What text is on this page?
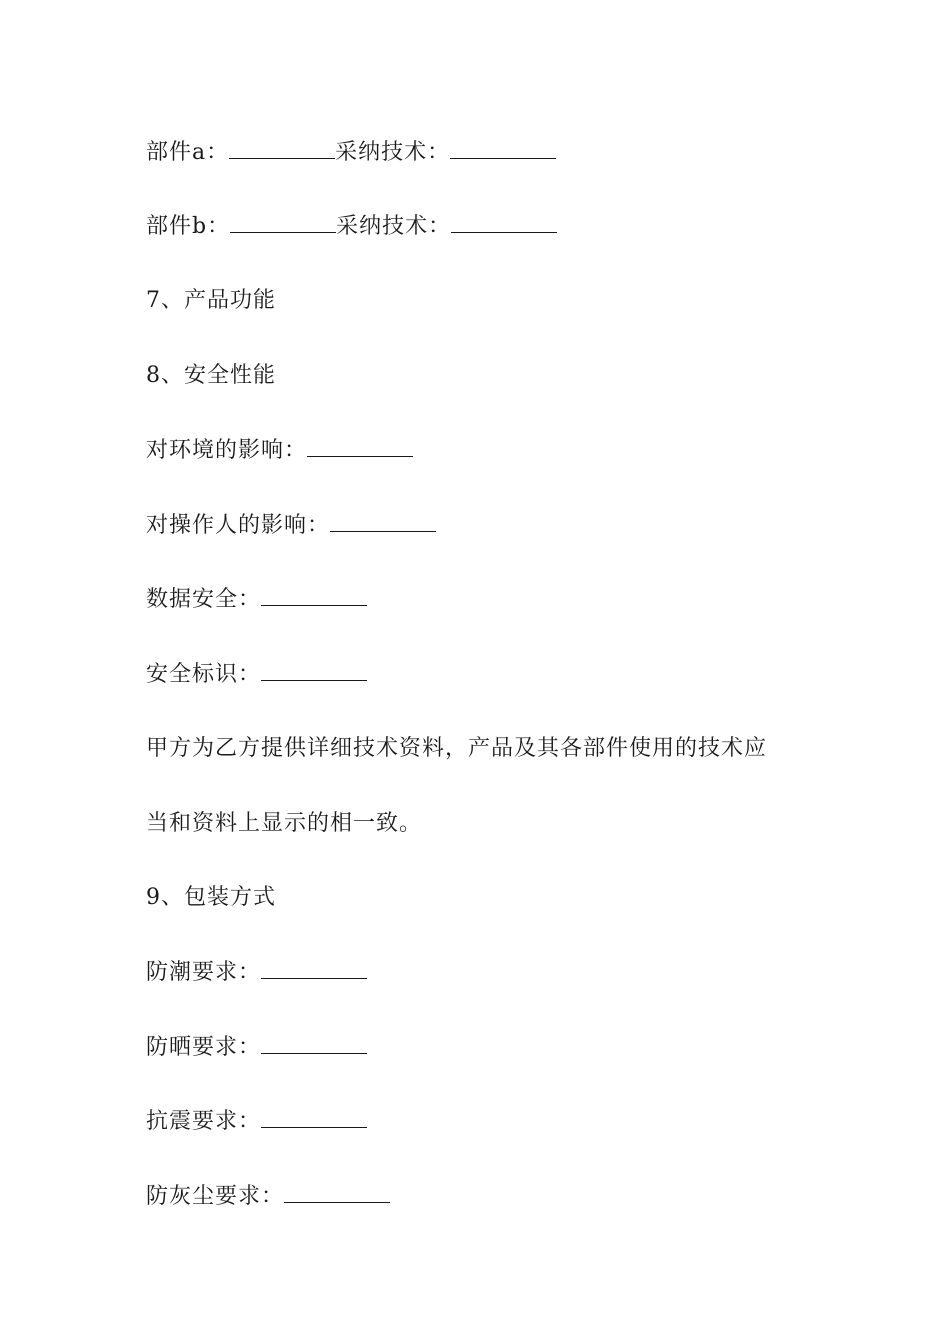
部件a：	采纳技术：
部件b：	采纳技术：
7、产品功能
8、安全性能
对环境的影响：
对操作人的影响：
数据安全：
安全标识：
甲方为乙方提供详细技术资料，产品及其各部件使用的技术应
当和资料上显示的相一致。
9、包装方式
防潮要求：
防晒要求：
抗震要求：
防灰尘要求：
